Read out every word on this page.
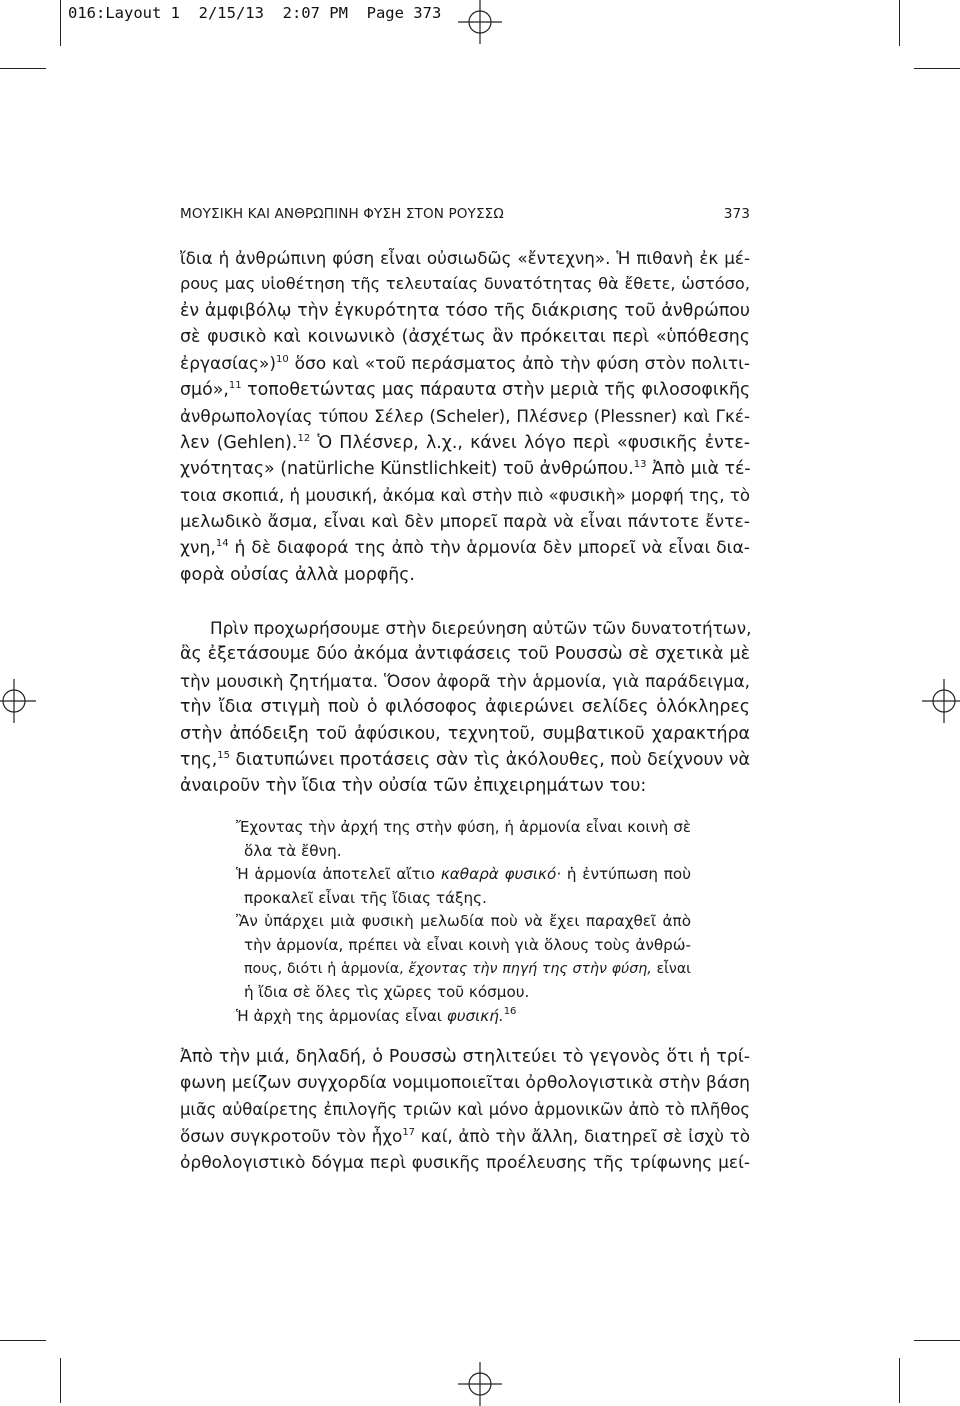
016:Layout 1  2/15/13  2:07 PM  Page 373
ΜΟΥΣΙΚΗ ΚΑΙ ΑΝΘΡΩΠΙΝΗ ΦΥΣΗ ΣΤΟΝ ΡΟΥΣΣΩ	373
ἴδια ἡ ἀνθρώπινη φύση εἶναι οὐσιωδῶς «ἔντεχνη». Ἡ πιθανὴ ἐκ μέ-
ρους μας υἱοθέτηση τῆς τελευταίας δυνατότητας θὰ ἔθετε, ὡστόσο,
ἐν ἀμφιβόλῳ τὴν ἐγκυρότητα τόσο τῆς διάκρισης τοῦ ἀνθρώπου
σὲ φυσικὸ καὶ κοινωνικὸ (ἀσχέτως ἂν πρόκειται περὶ «ὑπόθεσης
ἐργασίας»)$^{10}$ ὅσο καὶ «τοῦ περάσματος ἀπὸ τὴν φύση στὸν πολιτι-
σμό»,$^{11}$ τοποθετώντας μας πάραυτα στὴν μεριὰ τῆς φιλοσοφικῆς
ἀνθρωπολογίας τύπου Σέλερ (Scheler), Πλέσνερ (Plessner) καὶ Γκέ-
λεν (Gehlen).$^{12}$ Ὁ Πλέσνερ, λ.χ., κάνει λόγο περὶ «φυσικῆς ἐντε-
χνότητας» (natürliche Künstlichkeit) τοῦ ἀνθρώπου.$^{13}$ Ἀπὸ μιὰ τέ-
τοια σκοπιά, ἡ μουσική, ἀκόμα καὶ στὴν πιὸ «φυσικὴ» μορφή της, τὸ
μελωδικὸ ἄσμα, εἶναι καὶ δὲν μπορεῖ παρὰ νὰ εἶναι πάντοτε ἔντε-
χνη,$^{14}$ ἡ δὲ διαφορά της ἀπὸ τὴν ἁρμονία δὲν μπορεῖ νὰ εἶναι δια-
φορὰ οὐσίας ἀλλὰ μορφῆς.
Πρὶν προχωρήσουμε στὴν διερεύνηση αὐτῶν τῶν δυνατοτήτων,
ἂς ἐξετάσουμε δύο ἀκόμα ἀντιφάσεις τοῦ Ρουσσὼ σὲ σχετικὰ μὲ
τὴν μουσικὴ ζητήματα. Ὅσον ἀφορᾶ τὴν ἁρμονία, γιὰ παράδειγμα,
τὴν ἴδια στιγμὴ ποὺ ὁ φιλόσοφος ἀφιερώνει σελίδες ὁλόκληρες
στὴν ἀπόδειξη τοῦ ἀφύσικου, τεχνητοῦ, συμβατικοῦ χαρακτήρα
της,$^{15}$ διατυπώνει προτάσεις σὰν τὶς ἀκόλουθες, ποὺ δείχνουν νὰ
ἀναιροῦν τὴν ἴδια τὴν οὐσία τῶν ἐπιχειρημάτων του:
Ἔχοντας τὴν ἀρχή της στὴν φύση, ἡ ἁρμονία εἶναι κοινὴ σὲ
ὅλα τὰ ἔθνη.
Ἡ ἁρμονία ἀποτελεῖ αἴτιο καθαρὰ φυσικό· ἡ ἐντύπωση ποὺ
προκαλεῖ εἶναι τῆς ἴδιας τάξης.
Ἂν ὑπάρχει μιὰ φυσικὴ μελωδία ποὺ νὰ ἔχει παραχθεῖ ἀπὸ
τὴν ἁρμονία, πρέπει νὰ εἶναι κοινὴ γιὰ ὅλους τοὺς ἀνθρώ-
πους, διότι ἡ ἁρμονία, ἔχοντας τὴν πηγή της στὴν φύση, εἶναι
ἡ ἴδια σὲ ὅλες τὶς χῶρες τοῦ κόσμου.
Ἡ ἀρχὴ της ἁρμονίας εἶναι φυσική.$^{16}$
Ἀπὸ τὴν μιά, δηλαδή, ὁ Ρουσσὼ στηλιτεύει τὸ γεγονὸς ὅτι ἡ τρί-
φωνη μείζων συγχορδία νομιμοποιεῖται ὀρθολογιστικὰ στὴν βάση
μιᾶς αὐθαίρετης ἐπιλογῆς τριῶν καὶ μόνο ἁρμονικῶν ἀπὸ τὸ πλῆθος
ὅσων συγκροτοῦν τὸν ἦχο$^{17}$ καί, ἀπὸ τὴν ἄλλη, διατηρεῖ σὲ ἰσχὺ τὸ
ὀρθολογιστικὸ δόγμα περὶ φυσικῆς προέλευσης τῆς τρίφωνης μεί-
